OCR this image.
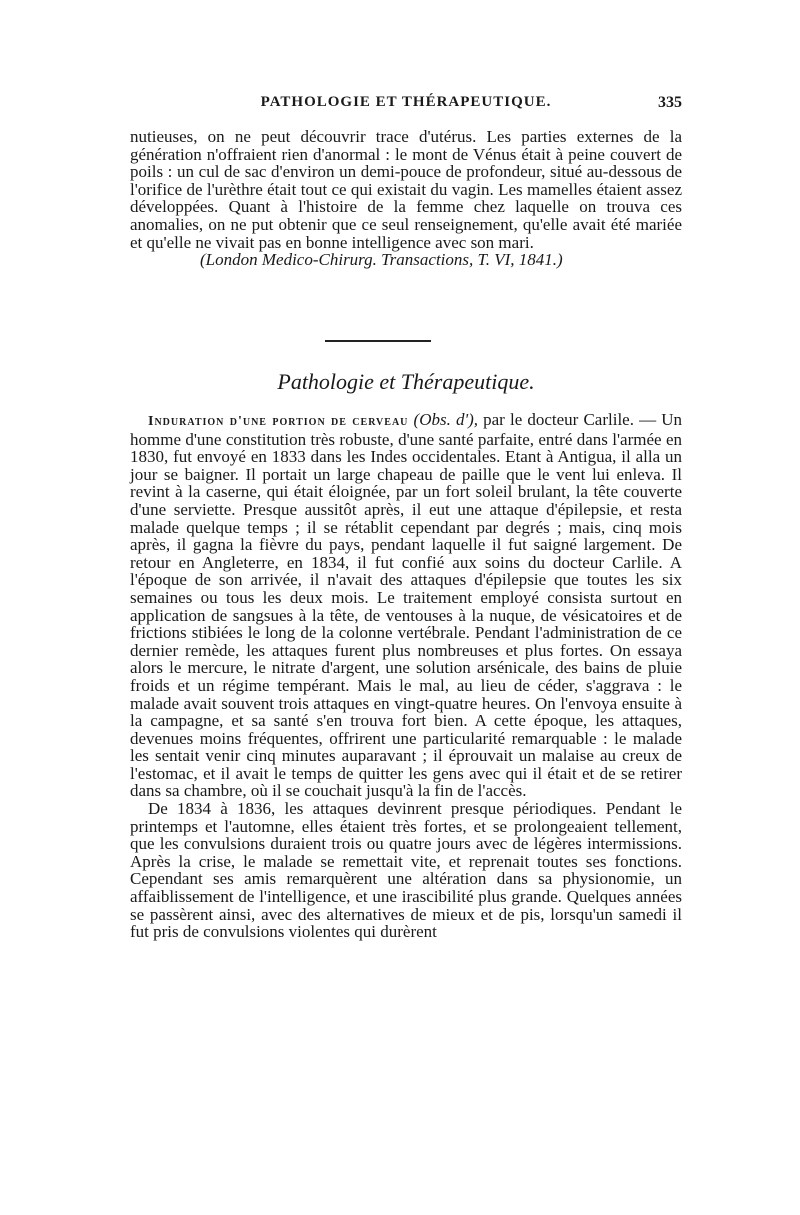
PATHOLOGIE ET THÉRAPEUTIQUE.	335

nutieuses, on ne peut découvrir trace d'utérus. Les parties externes de la génération n'offraient rien d'anormal : le mont de Vénus était à peine couvert de poils : un cul de sac d'environ un demi-pouce de profondeur, situé au-dessous de l'orifice de l'urèthre était tout ce qui existait du vagin. Les mamelles étaient assez développées. Quant à l'histoire de la femme chez laquelle on trouva ces anomalies, on ne put obtenir que ce seul renseignement, qu'elle avait été mariée et qu'elle ne vivait pas en bonne intelligence avec son mari.

(London Medico-Chirurg. Transactions, T. VI, 1841.)

Pathologie et Thérapeutique.

Induration d'une portion de cerveau (Obs. d'), par le docteur Carlile. — Un homme d'une constitution très robuste, d'une santé parfaite, entré dans l'armée en 1830, fut envoyé en 1833 dans les Indes occidentales. Etant à Antigua, il alla un jour se baigner. Il portait un large chapeau de paille que le vent lui enleva. Il revint à la caserne, qui était éloignée, par un fort soleil brulant, la tête couverte d'une serviette. Presque aussitôt après, il eut une attaque d'épilepsie, et resta malade quelque temps ; il se rétablit cependant par degrés ; mais, cinq mois après, il gagna la fièvre du pays, pendant laquelle il fut saigné largement. De retour en Angleterre, en 1834, il fut confié aux soins du docteur Carlile. A l'époque de son arrivée, il n'avait des attaques d'épilepsie que toutes les six semaines ou tous les deux mois. Le traitement employé consista surtout en application de sangsues à la tête, de ventouses à la nuque, de vésicatoires et de frictions stibiées le long de la colonne vertébrale. Pendant l'administration de ce dernier remède, les attaques furent plus nombreuses et plus fortes. On essaya alors le mercure, le nitrate d'argent, une solution arsénicale, des bains de pluie froids et un régime tempérant. Mais le mal, au lieu de céder, s'aggrava : le malade avait souvent trois attaques en vingt-quatre heures. On l'envoya ensuite à la campagne, et sa santé s'en trouva fort bien. A cette époque, les attaques, devenues moins fréquentes, offrirent une particularité remarquable : le malade les sentait venir cinq minutes auparavant ; il éprouvait un malaise au creux de l'estomac, et il avait le temps de quitter les gens avec qui il était et de se retirer dans sa chambre, où il se couchait jusqu'à la fin de l'accès.

De 1834 à 1836, les attaques devinrent presque périodiques. Pendant le printemps et l'automne, elles étaient très fortes, et se prolongeaient tellement, que les convulsions duraient trois ou quatre jours avec de légères intermissions. Après la crise, le malade se remettait vite, et reprenait toutes ses fonctions. Cependant ses amis remarquèrent une altération dans sa physionomie, un affaiblissement de l'intelligence, et une irascibilité plus grande. Quelques années se passèrent ainsi, avec des alternatives de mieux et de pis, lorsqu'un samedi il fut pris de convulsions violentes qui durèrent
